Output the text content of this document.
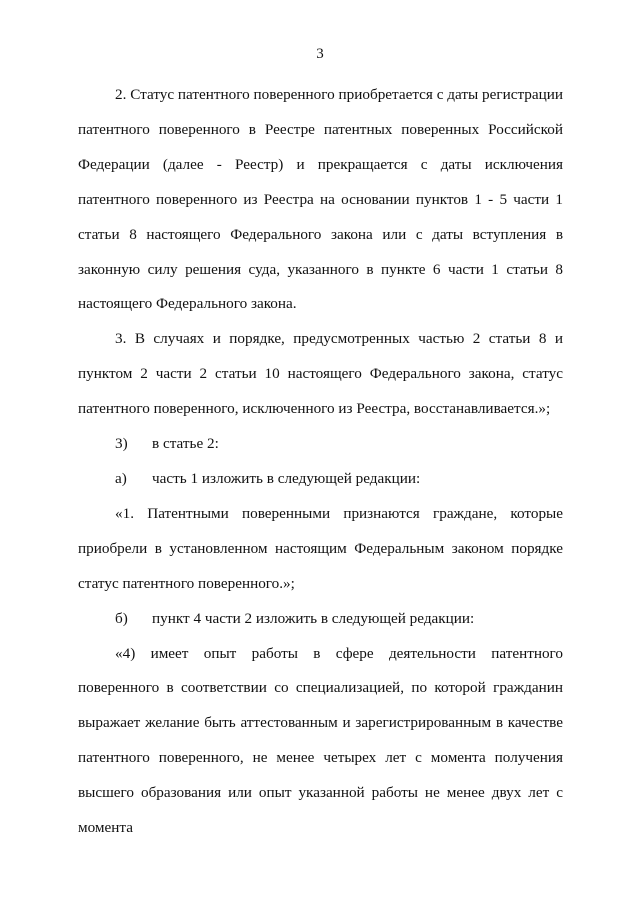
3

2. Статус патентного поверенного приобретается с даты регистрации патентного поверенного в Реестре патентных поверенных Российской Федерации (далее - Реестр) и прекращается с даты исключения патентного поверенного из Реестра на основании пунктов 1 - 5 части 1 статьи 8 настоящего Федерального закона или с даты вступления в законную силу решения суда, указанного в пункте 6 части 1 статьи 8 настоящего Федерального закона.

3. В случаях и порядке, предусмотренных частью 2 статьи 8 и пунктом 2 части 2 статьи 10 настоящего Федерального закона, статус патентного поверенного, исключенного из Реестра, восстанавливается.»;

3)	в статье 2:
а)	часть 1 изложить в следующей редакции:

«1. Патентными поверенными признаются граждане, которые приобрели в установленном настоящим Федеральным законом порядке статус патентного поверенного.»;

б)	пункт 4 части 2 изложить в следующей редакции:

«4) имеет опыт работы в сфере деятельности патентного поверенного в соответствии со специализацией, по которой гражданин выражает желание быть аттестованным и зарегистрированным в качестве патентного поверенного, не менее четырех лет с момента получения высшего образования или опыт указанной работы не менее двух лет с момента
